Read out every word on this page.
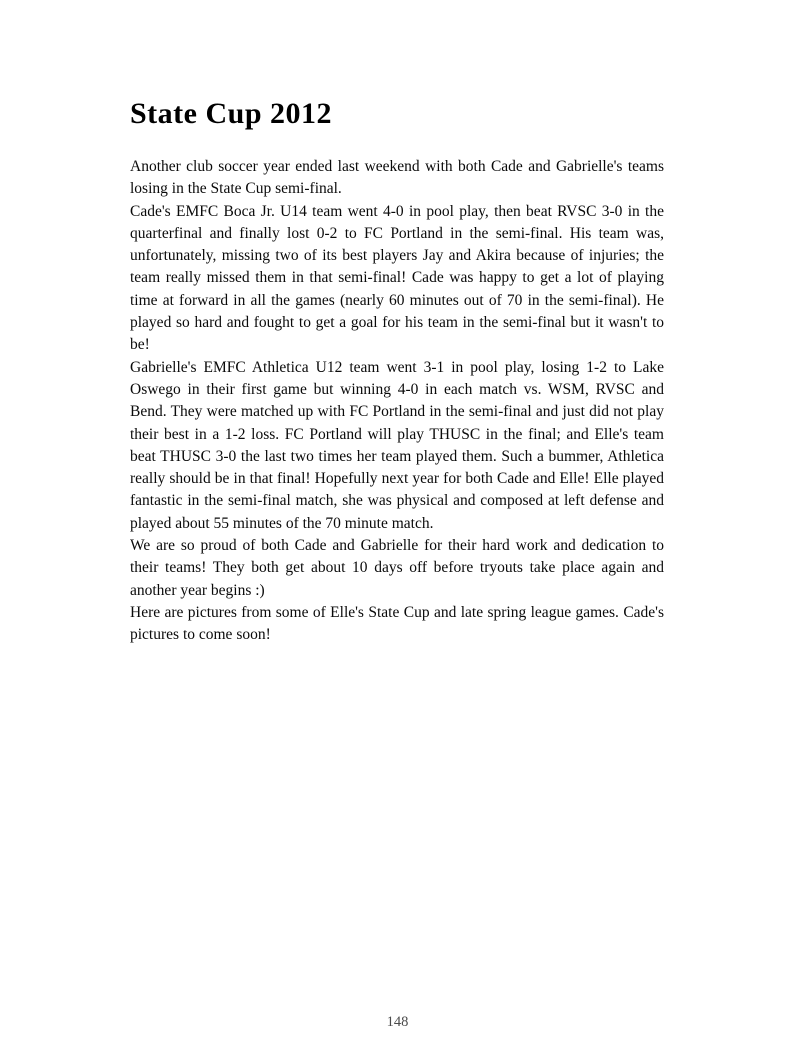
State Cup 2012

Another club soccer year ended last weekend with both Cade and Gabrielle's teams losing in the State Cup semi-final.

Cade's EMFC Boca Jr. U14 team went 4-0 in pool play, then beat RVSC 3-0 in the quarterfinal and finally lost 0-2 to FC Portland in the semi-final. His team was, unfortunately, missing two of its best players Jay and Akira because of injuries; the team really missed them in that semi-final! Cade was happy to get a lot of playing time at forward in all the games (nearly 60 minutes out of 70 in the semi-final). He played so hard and fought to get a goal for his team in the semi-final but it wasn't to be!

Gabrielle's EMFC Athletica U12 team went 3-1 in pool play, losing 1-2 to Lake Oswego in their first game but winning 4-0 in each match vs. WSM, RVSC and Bend. They were matched up with FC Portland in the semi-final and just did not play their best in a 1-2 loss. FC Portland will play THUSC in the final; and Elle's team beat THUSC 3-0 the last two times her team played them. Such a bummer, Athletica really should be in that final! Hopefully next year for both Cade and Elle! Elle played fantastic in the semi-final match, she was physical and composed at left defense and played about 55 minutes of the 70 minute match.

We are so proud of both Cade and Gabrielle for their hard work and dedication to their teams! They both get about 10 days off before tryouts take place again and another year begins :)

Here are pictures from some of Elle's State Cup and late spring league games. Cade's pictures to come soon!

148
